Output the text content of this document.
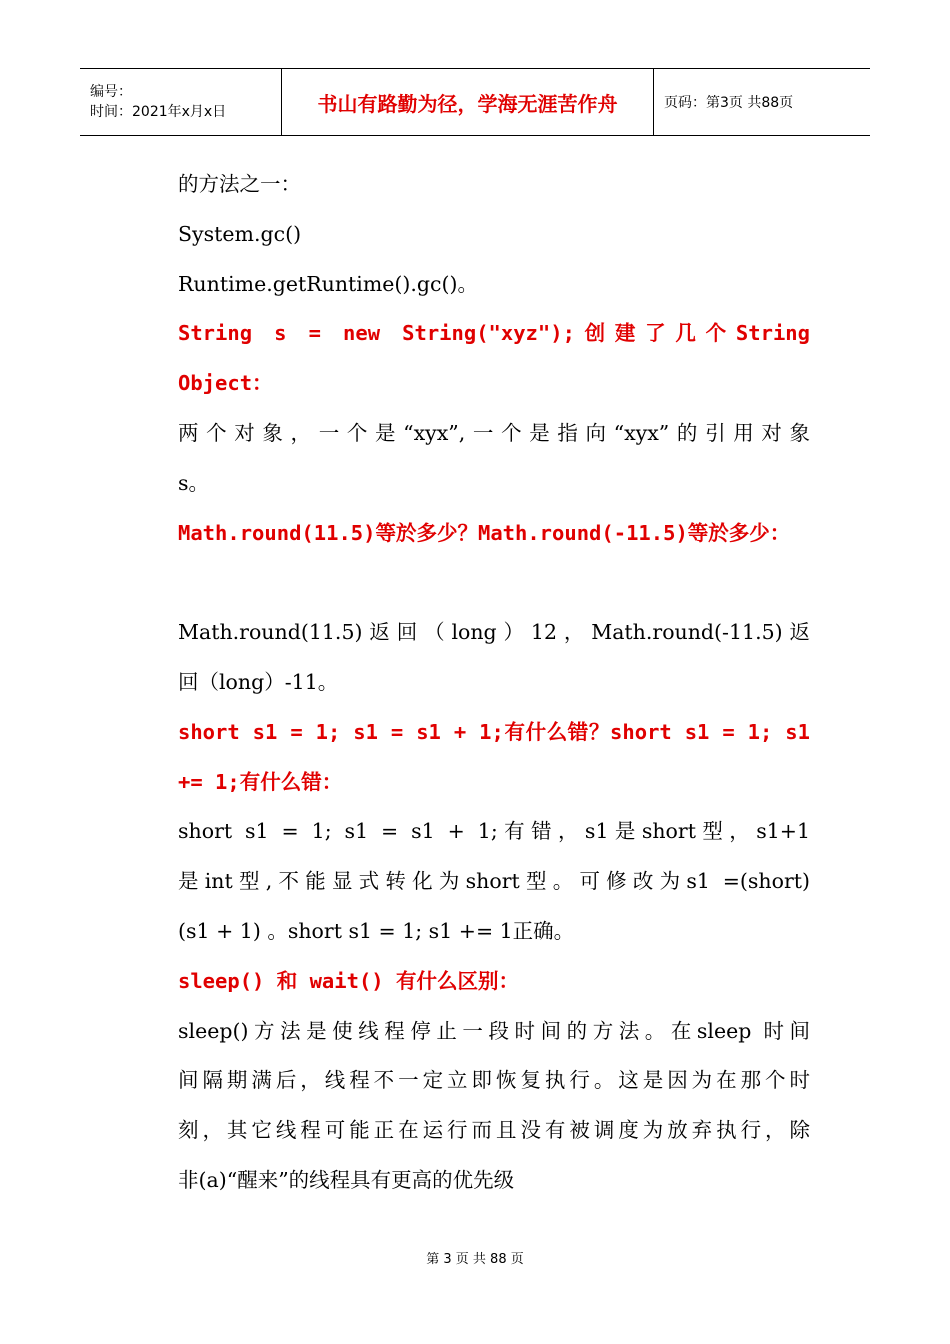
编号：
时间：2021年x月x日	书山有路勤为径，学海无涯苦作舟	页码：第3页 共88页

的方法之一：

System.gc()

Runtime.getRuntime().gc()。

String s = new String("xyz");创建了几个String

Object：

两个对象，一个是“xyx”,一个是指向“xyx”的引用对象

s。

Math.round(11.5)等於多少？Math.round(-11.5)等於多少：

Math.round(11.5)返回（long）12，Math.round(-11.5)返

回（long）-11。

short s1 = 1; s1 = s1 + 1;有什么错？short s1 = 1; s1

+= 1;有什么错：

short s1 = 1; s1 = s1 + 1;有错，s1是short型，s1+1

是int型,不能显式转化为short型。可修改为s1 =(short)

(s1 + 1) 。short s1 = 1; s1 += 1正确。

sleep() 和 wait() 有什么区别：

sleep()方法是使线程停止一段时间的方法。在sleep 时间

间隔期满后，线程不一定立即恢复执行。这是因为在那个时

刻，其它线程可能正在运行而且没有被调度为放弃执行，除

非(a)“醒来”的线程具有更高的优先级

第 3 页 共 88 页
